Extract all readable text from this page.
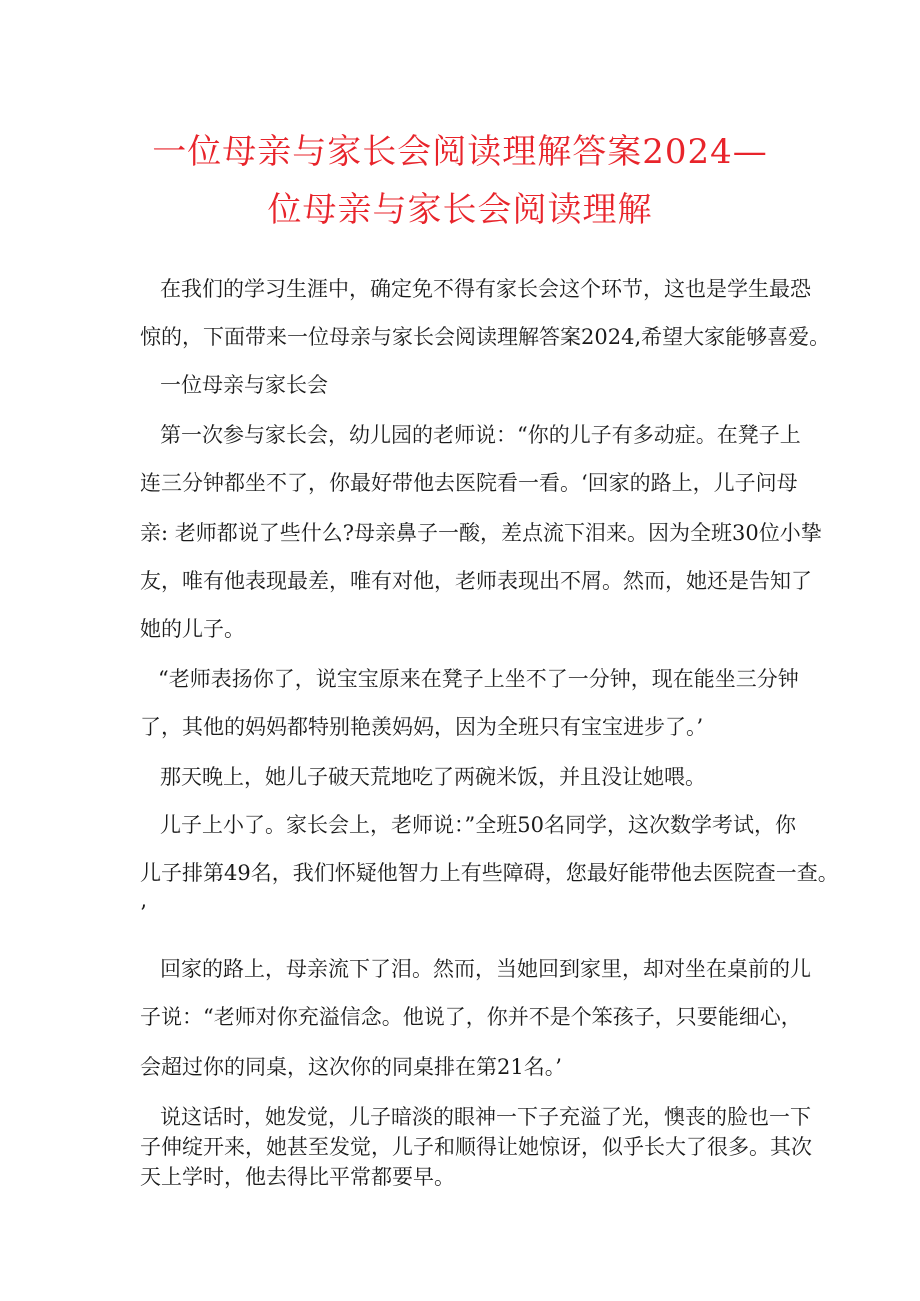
一位母亲与家长会阅读理解答案2024—
位母亲与家长会阅读理解
在我们的学习生涯中，确定免不得有家长会这个环节，这也是学生最恐
惊的，下面带来一位母亲与家长会阅读理解答案2024,希望大家能够喜爱。
一位母亲与家长会
第一次参与家长会，幼儿园的老师说：“你的儿子有多动症。在凳子上
连三分钟都坐不了，你最好带他去医院看一看。‘回家的路上，儿子问母
亲: 老师都说了些什么?母亲鼻子一酸，差点流下泪来。因为全班30位小挚
友，唯有他表现最差，唯有对他，老师表现出不屑。然而，她还是告知了
她的儿子。
“老师表扬你了，说宝宝原来在凳子上坐不了一分钟，现在能坐三分钟
了，其他的妈妈都特别艳羡妈妈，因为全班只有宝宝进步了。’
那天晚上，她儿子破天荒地吃了两碗米饭，并且没让她喂。
儿子上小了。家长会上，老师说：”全班50名同学，这次数学考试，你
儿子排第49名，我们怀疑他智力上有些障碍，您最好能带他去医院查一查。
’
回家的路上，母亲流下了泪。然而，当她回到家里，却对坐在桌前的儿
子说：“老师对你充溢信念。他说了，你并不是个笨孩子，只要能细心，
会超过你的同桌，这次你的同桌排在第21名。’
说这话时，她发觉，儿子暗淡的眼神一下子充溢了光，懊丧的脸也一下
子伸绽开来，她甚至发觉，儿子和顺得让她惊讶，似乎长大了很多。其次
天上学时，他去得比平常都要早。
